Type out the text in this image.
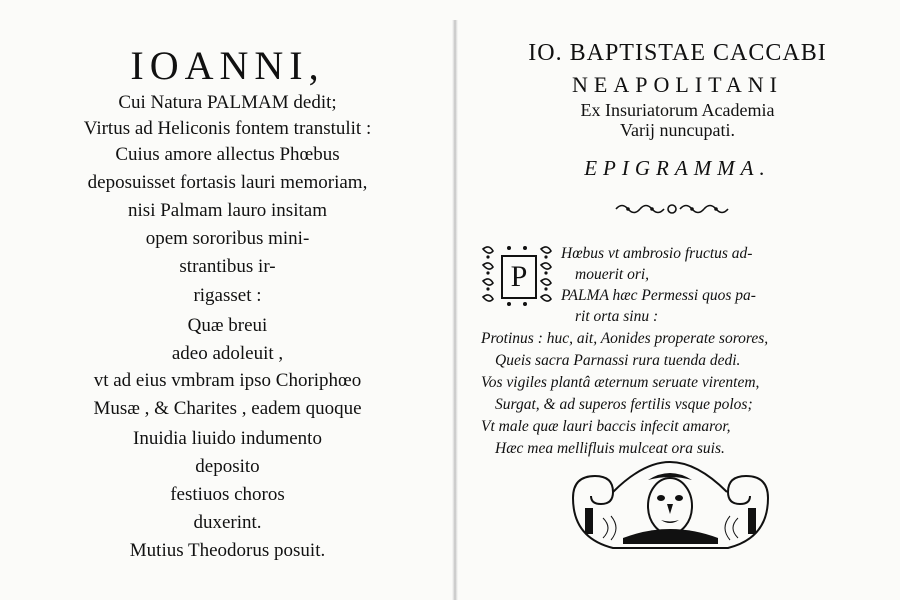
IOANNI,
Cui Natura PALMAM dedit;
Virtus ad Heliconis fontem transtulit :
Cuius amore allectus Phœbus
deposuisset fortasis lauri memoriam,
nisi Palmam lauro insitam
opem sororibus mini-
strantibus ir-
rigasset :
Quæ breui
adeo adoleuit ,
vt ad eius vmbram ipso Choriphœo
Musæ , & Charites , eadem quoque
Inuidia liuido indumento
deposito
festiuos choros
duxerint.
Mutius Theodorus posuit.
IO. BAPTISTAE CACCABI
NEAPOLITANI
Ex Insuriatorum Academia
Varij nuncupati.
EPIGRAMMA.
P
Hœbus vt ambrosio fructus ad-
mouerit ori,
PALMA hæc Permessi quos pa-
rit orta sinu :
Protinus : huc, ait, Aonides properate sorores,
Queis sacra Parnassi rura tuenda dedi.
Vos vigiles plantâ æternum seruate virentem,
Surgat, & ad superos fertilis vsque polos;
Vt male quæ lauri baccis infecit amaror,
Hæc mea mellifluis mulceat ora suis.
